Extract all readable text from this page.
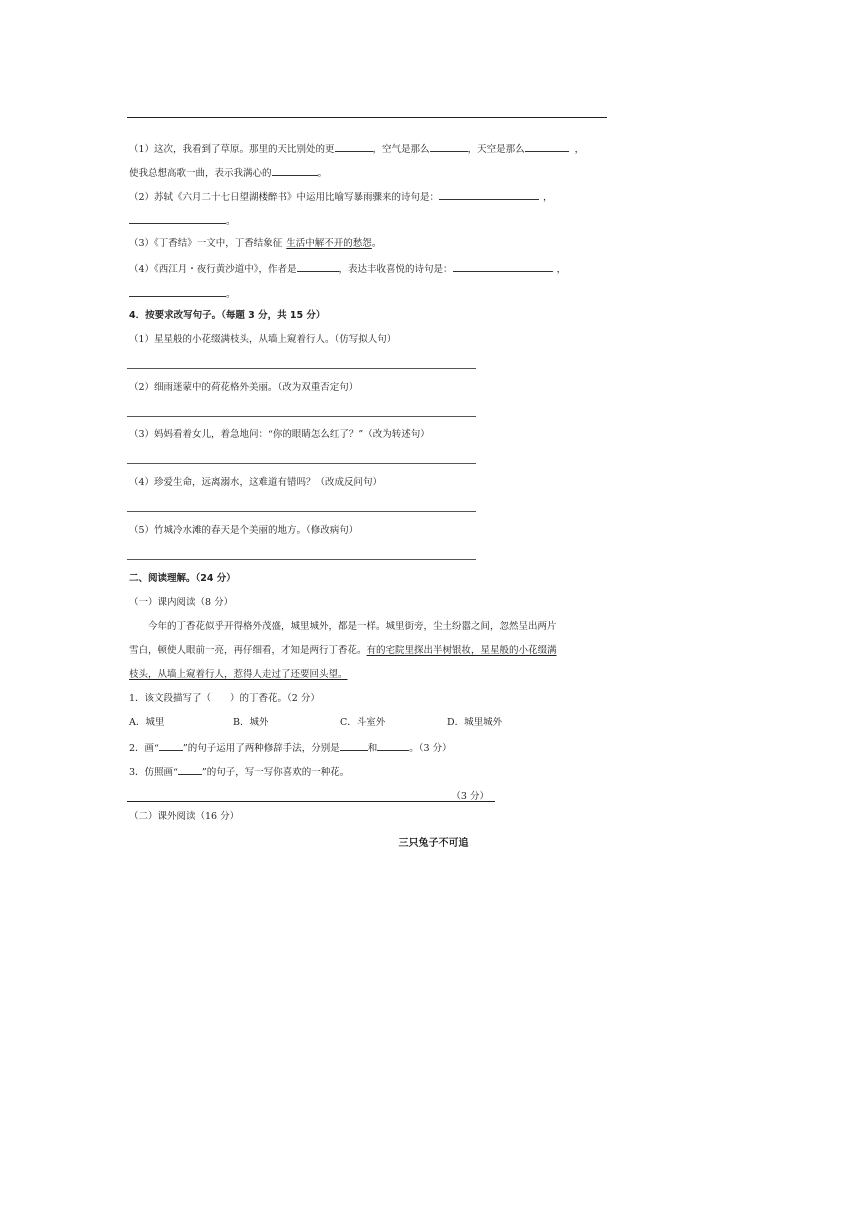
（1）这次，我看到了草原。那里的天比别处的更	，空气是那么	，天空是那么	，
使我总想高歌一曲，表示我满心的	。
（2）苏轼《六月二十七日望湖楼醉书》中运用比喻写暴雨骤来的诗句是：	，
。
（3）《丁香结》一文中，丁香结象征 生活中解不开的愁怨。
（4）《西江月・夜行黄沙道中》，作者是	，表达丰收喜悦的诗句是：	，
。
4．按要求改写句子。（每题 3 分，共 15 分）
（1）星星般的小花缀满枝头，从墙上窥着行人。（仿写拟人句）
（2）细雨迷蒙中的荷花格外美丽。（改为双重否定句）
（3）妈妈看着女儿，着急地问：“你的眼睛怎么红了？”（改为转述句）
（4）珍爱生命，远离溺水，这难道有错吗？（改成反问句）
（5）竹城冷水滩的春天是个美丽的地方。（修改病句）
二、阅读理解。（24 分）
（一）课内阅读（8 分）
今年的丁香花似乎开得格外茂盛，城里城外，都是一样。城里街旁，尘土纷嚣之间，忽然呈出两片
雪白，顿使人眼前一亮，再仔细看，才知是两行丁香花。有的宅院里探出半树银妆，星星般的小花缀满
枝头，从墙上窥着行人，惹得人走过了还要回头望。
1．该文段描写了（　　）的丁香花。（2 分）
A．城里	B．城外	C．斗室外	D．城里城外
2．画“	”的句子运用了两种修辞手法，分别是	和	。（3 分）
3．仿照画“	”的句子，写一写你喜欢的一种花。
（3 分）
（二）课外阅读（16 分）
三只兔子不可追
